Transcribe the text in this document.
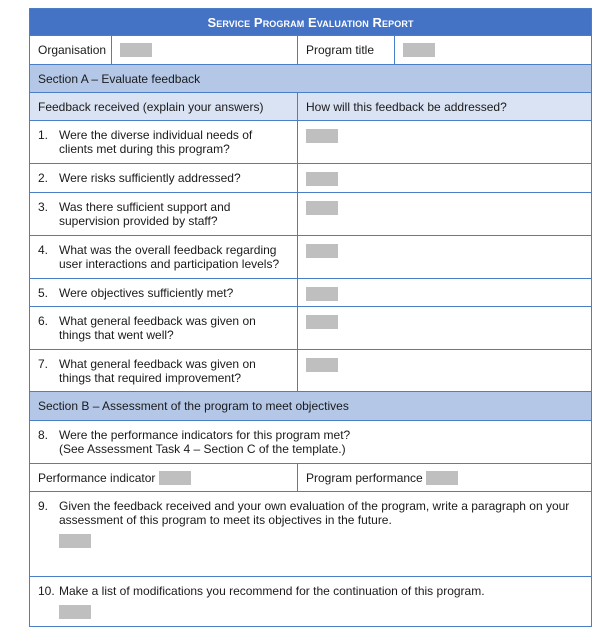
Service Program Evaluation Report			
Organisation		Program title	
Section A – Evaluate feedback			
Feedback received (explain your answers)		How will this feedback be addressed?	

1. Were the diverse individual needs of clients met during this program?			

2. Were risks sufficiently addressed?			

3. Was there sufficient support and supervision provided by staff?			

4. What was the overall feedback regarding user interactions and participation levels?			

5. Were objectives sufficiently met?			

6. What general feedback was given on things that went well?			

7. What general feedback was given on things that required improvement?			

Section B – Assessment of the program to meet objectives			

8. Were the performance indicators for this program met?
(See Assessment Task 4 – Section C of the template.)			

Performance indicator		Program performance	

9. Given the feedback received and your own evaluation of the program, write a paragraph on your assessment of this program to meet its objectives in the future.			

10. Make a list of modifications you recommend for the continuation of this program.			
